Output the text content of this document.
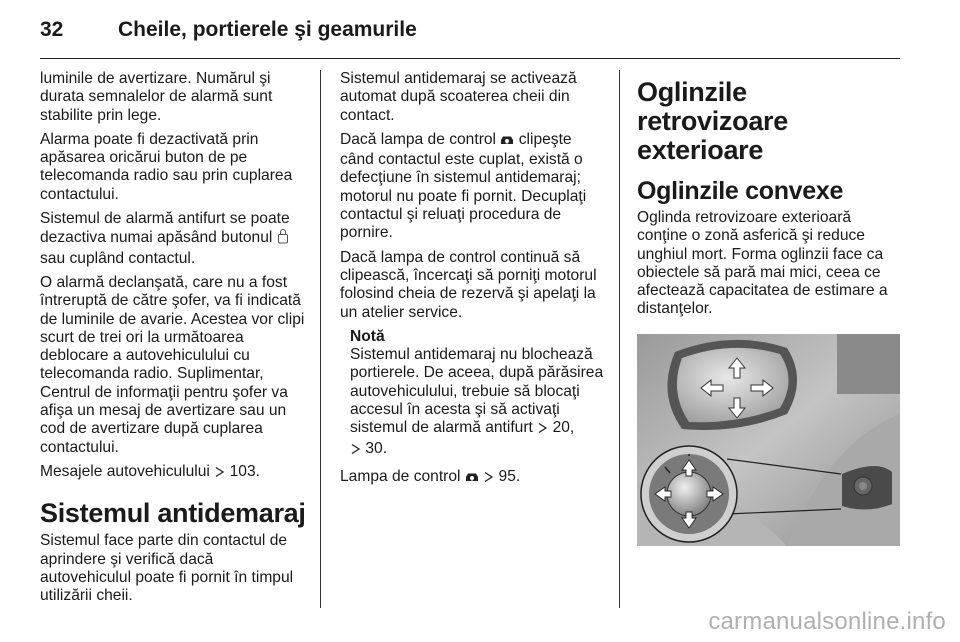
32	Cheile, portierele şi geamurile

luminile de avertizare. Numărul şi durata semnalelor de alarmă sunt stabilite prin lege.

Alarma poate fi dezactivată prin apăsarea oricărui buton de pe telecomanda radio sau prin cuplarea contactului.

Sistemul de alarmă antifurt se poate dezactiva numai apăsând butonul  sau cuplând contactul.

O alarmă declanşată, care nu a fost întreruptă de către şofer, va fi indicată de luminile de avarie. Acestea vor clipi scurt de trei ori la următoarea deblocare a autovehiculului cu telecomanda radio. Suplimentar, Centrul de informaţii pentru şofer va afişa un mesaj de avertizare sau un cod de avertizare după cuplarea contactului.

Mesajele autovehiculului 103.

Sistemul antidemaraj

Sistemul face parte din contactul de aprindere şi verifică dacă autovehiculul poate fi pornit în timpul utilizării cheii.

Sistemul antidemaraj se activează automat după scoaterea cheii din contact.

Dacă lampa de control clipeşte când contactul este cuplat, există o defecţiune în sistemul antidemaraj; motorul nu poate fi pornit. Decuplaţi contactul şi reluaţi procedura de pornire.

Dacă lampa de control continuă să clipească, încercaţi să porniţi motorul folosind cheia de rezervă şi apelaţi la un atelier service.

Notă
Sistemul antidemaraj nu blochează portierele. De aceea, după părăsirea autovehiculului, trebuie să blocaţi accesul în acesta şi să activaţi sistemul de alarmă antifurt 20,
30.

Lampa de control 95.

Oglinzile retrovizoare exterioare
Oglinzile convexe

Oglinda retrovizoare exterioară conţine o zonă asferică şi reduce unghiul mort. Forma oglinzii face ca obiectele să pară mai mici, ceea ce afectează capacitatea de estimare a distanţelor.

carmanualsonline.info
